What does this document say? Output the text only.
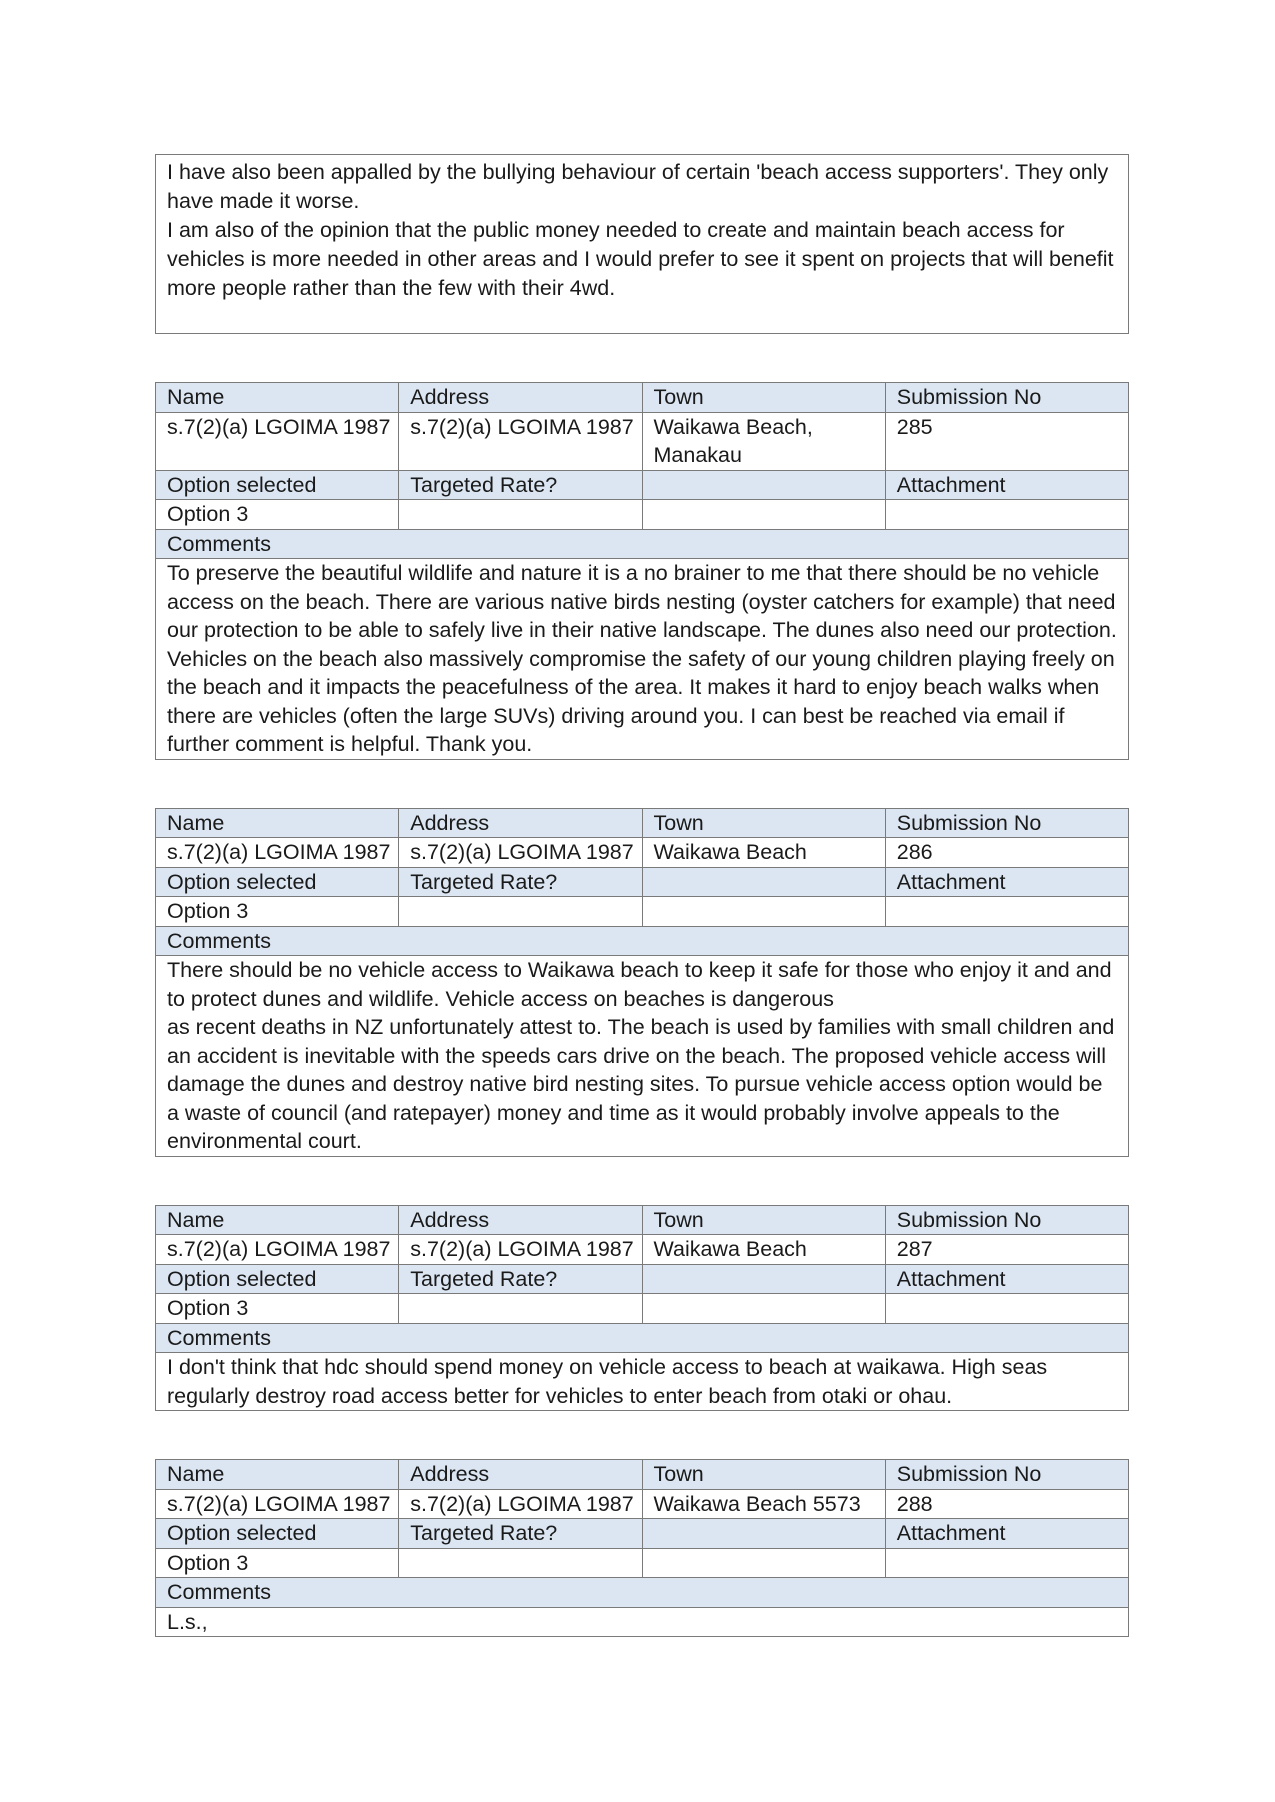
I have also been appalled by the bullying behaviour of certain 'beach access supporters'. They only have made it worse.

I am also of the opinion that the public money needed to create and maintain beach access for vehicles is more needed in other areas and I would prefer to see it spent on projects that will benefit more people rather than the few with their 4wd.

Name	Address	Town	Submission No
s.7(2)(a) LGOIMA 1987	s.7(2)(a) LGOIMA 1987	Waikawa Beach, Manakau	285
Option selected	Targeted Rate?		Attachment
Option 3			
Comments			
To preserve the beautiful wildlife and nature it is a no brainer to me that there should be no vehicle access on the beach. There are various native birds nesting (oyster catchers for example) that need our protection to be able to safely live in their native landscape. The dunes also need our protection. Vehicles on the beach also massively compromise the safety of our young children playing freely on the beach and it impacts the peacefulness of the area. It makes it hard to enjoy beach walks when there are vehicles (often the large SUVs) driving around you. I can best be reached via email if further comment is helpful. Thank you.			
Name	Address	Town	Submission No
s.7(2)(a) LGOIMA 1987	s.7(2)(a) LGOIMA 1987	Waikawa Beach	286
Option selected	Targeted Rate?		Attachment
Option 3			
Comments			
There should be no vehicle access to Waikawa beach to keep it safe for those who enjoy it and and to protect dunes and wildlife. Vehicle access on beaches is dangerous
as recent deaths in NZ unfortunately attest to. The beach is used by families with small children and an accident is inevitable with the speeds cars drive on the beach. The proposed vehicle access will damage the dunes and destroy native bird nesting sites. To pursue vehicle access option would be a waste of council (and ratepayer) money and time as it would probably involve appeals to the environmental court.			
Name	Address	Town	Submission No
s.7(2)(a) LGOIMA 1987	s.7(2)(a) LGOIMA 1987	Waikawa Beach	287
Option selected	Targeted Rate?		Attachment
Option 3			
Comments			
I don't think that hdc should spend money on vehicle access to beach at waikawa. High seas regularly destroy road access better for vehicles to enter beach from otaki or ohau.			
Name	Address	Town	Submission No
s.7(2)(a) LGOIMA 1987	s.7(2)(a) LGOIMA 1987	Waikawa Beach 5573	288
Option selected	Targeted Rate?		Attachment
Option 3			
Comments			
L.s.,			
